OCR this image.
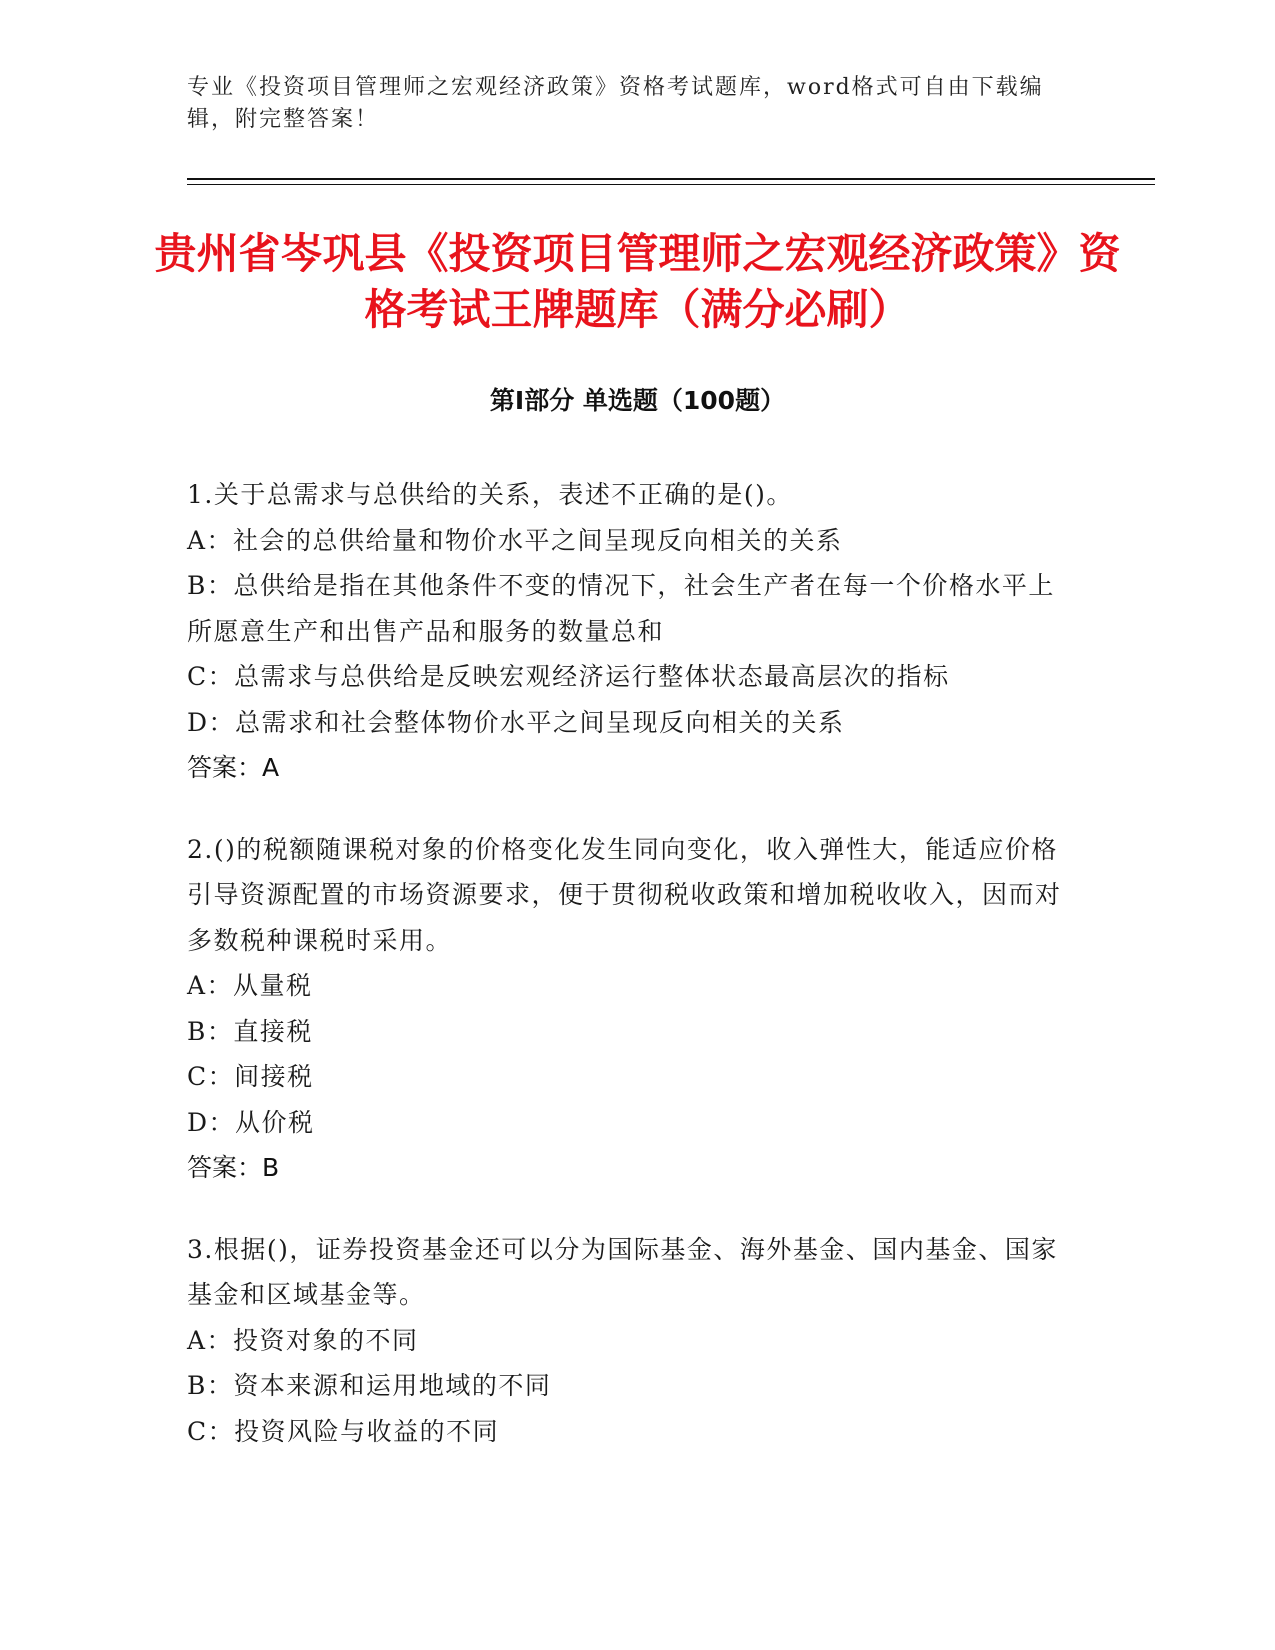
专业《投资项目管理师之宏观经济政策》资格考试题库，word格式可自由下载编辑，附完整答案！
贵州省岑巩县《投资项目管理师之宏观经济政策》资格考试王牌题库（满分必刷）
第Ⅰ部分 单选题（100题）

1.关于总需求与总供给的关系，表述不正确的是()。

A：社会的总供给量和物价水平之间呈现反向相关的关系

B：总供给是指在其他条件不变的情况下，社会生产者在每一个价格水平上所愿意生产和出售产品和服务的数量总和

C：总需求与总供给是反映宏观经济运行整体状态最高层次的指标

D：总需求和社会整体物价水平之间呈现反向相关的关系

答案：A

2.()的税额随课税对象的价格变化发生同向变化，收入弹性大，能适应价格引导资源配置的市场资源要求，便于贯彻税收政策和增加税收收入，因而对多数税种课税时采用。

A：从量税

B：直接税

C：间接税

D：从价税

答案：B

3.根据()，证券投资基金还可以分为国际基金、海外基金、国内基金、国家基金和区域基金等。

A：投资对象的不同

B：资本来源和运用地域的不同

C：投资风险与收益的不同
